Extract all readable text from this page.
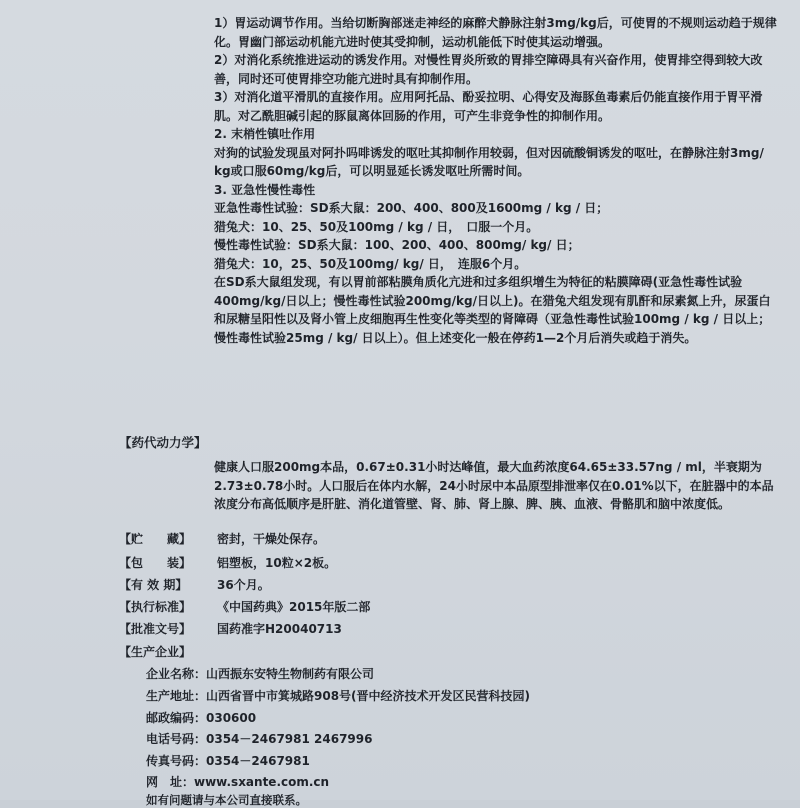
1）胃运动调节作用。当给切断胸部迷走神经的麻醉犬静脉注射3mg/kg后，可使胃的不规则运动趋于规律化。胃幽门部运动机能亢进时使其受抑制，运动机能低下时使其运动增强。

2）对消化系统推进运动的诱发作用。对慢性胃炎所致的胃排空障碍具有兴奋作用，使胃排空得到较大改善，同时还可使胃排空功能亢进时具有抑制作用。

3）对消化道平滑肌的直接作用。应用阿托品、酚妥拉明、心得安及海豚鱼毒素后仍能直接作用于胃平滑肌。对乙酰胆碱引起的豚鼠离体回肠的作用，可产生非竞争性的抑制作用。

2. 末梢性镇吐作用

对狗的试验发现虽对阿扑吗啡诱发的呕吐其抑制作用较弱，但对因硫酸铜诱发的呕吐，在静脉注射3mg/ kg或口服60mg/kg后，可以明显延长诱发呕吐所需时间。

3. 亚急性慢性毒性

亚急性毒性试验：SD系大鼠：200、400、800及1600mg / kg / 日；

猎兔犬：10、25、50及100mg / kg / 日，　口服一个月。

慢性毒性试验：SD系大鼠：100、200、400、800mg/ kg/ 日；

猎兔犬：10，25、50及100mg/ kg/ 日，　连服6个月。

在SD系大鼠组发现，有以胃前部粘膜角质化亢进和过多组织增生为特征的粘膜障碍(亚急性毒性试验400mg/kg/日以上；慢性毒性试验200mg/kg/日以上)。在猎兔犬组发现有肌酐和尿素氮上升，尿蛋白和尿糖呈阳性以及肾小管上皮细胞再生性变化等类型的肾障碍（亚急性毒性试验100mg / kg / 日以上；慢性毒性试验25mg / kg/ 日以上）。但上述变化一般在停药1—2个月后消失或趋于消失。

【药代动力学】

健康人口服200mg本品，0.67±0.31小时达峰值，最大血药浓度64.65±33.57ng / ml，半衰期为2.73±0.78小时。人口服后在体内水解，24小时尿中本品原型排泄率仅在0.01%以下，在脏器中的本品浓度分布高低顺序是肝脏、消化道管壁、肾、肺、肾上腺、脾、胰、血液、骨骼肌和脑中浓度低。

【贮　　藏】 密封，干燥处保存。
【包　　装】 铝塑板，10粒×2板。
【有 效 期】 36个月。
【执行标准】 《中国药典》2015年版二部
【批准文号】 国药准字H20040713
【生产企业】
企业名称：山西振东安特生物制药有限公司
生产地址：山西省晋中市箕城路908号(晋中经济技术开发区民营科技园)
邮政编码：030600
电话号码：0354－2467981 2467996
传真号码：0354－2467981
网　址：www.sxante.com.cn
如有问题请与本公司直接联系。
